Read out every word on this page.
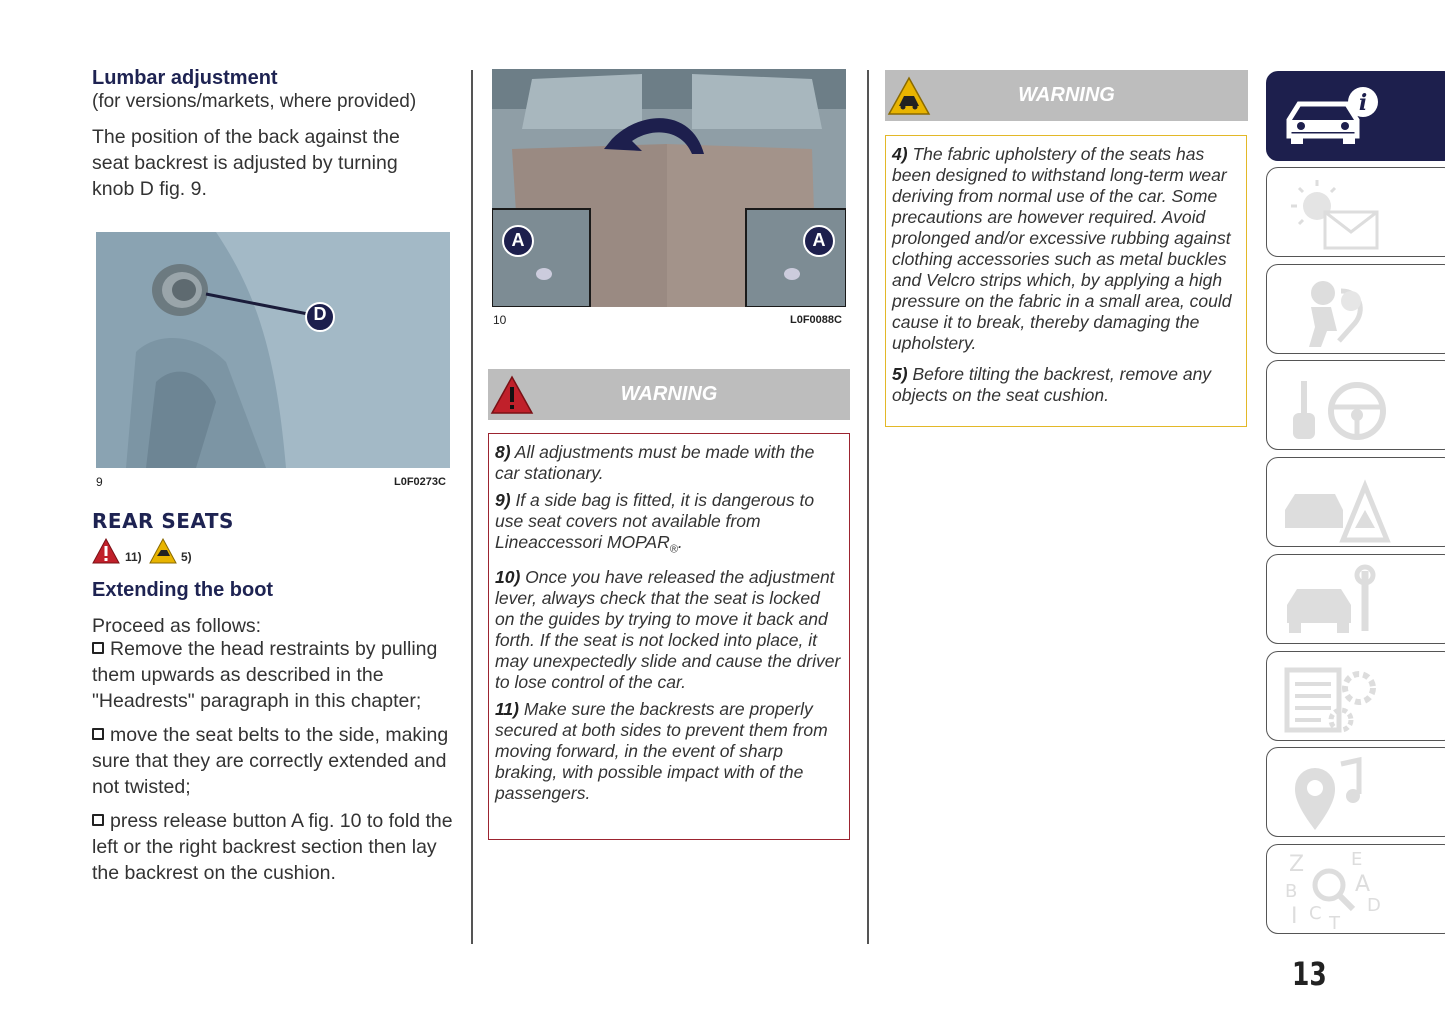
Lumbar adjustment

(for versions/markets, where provided)

The position of the back against the seat backrest is adjusted by turning knob D fig. 9.

D
9	L0F0273C
REAR SEATS
11)	5)

Extending the boot

Proceed as follows:

Remove the head restraints by pulling them upwards as described in the "Headrests" paragraph in this chapter;

move the seat belts to the side, making sure that they are correctly extended and not twisted;

press release button A fig. 10 to fold the left or the right backrest section then lay the backrest on the cushion.

A	A
10	L0F0088C
WARNING

8) All adjustments must be made with the car stationary.

9) If a side bag is fitted, it is dangerous to use seat covers not available from Lineaccessori $MOPAR_®$.

10) Once you have released the adjustment lever, always check that the seat is locked on the guides by trying to move it back and forth. If the seat is not locked into place, it may unexpectedly slide and cause the driver to lose control of the car.

11) Make sure the backrests are properly secured at both sides to prevent them from moving forward, in the event of sharp braking, with possible impact with of the passengers.

WARNING

4) The fabric upholstery of the seats has been designed to withstand long-term wear deriving from normal use of the car. Some precautions are however required. Avoid prolonged and/or excessive rubbing against clothing accessories such as metal buckles and Velcro strips which, by applying a high pressure on the fabric in a small area, could cause it to break, thereby damaging the upholstery.

5) Before tilting the backrest, remove any objects on the seat cushion.

i
Z	E
B	A
I C T
D
13
